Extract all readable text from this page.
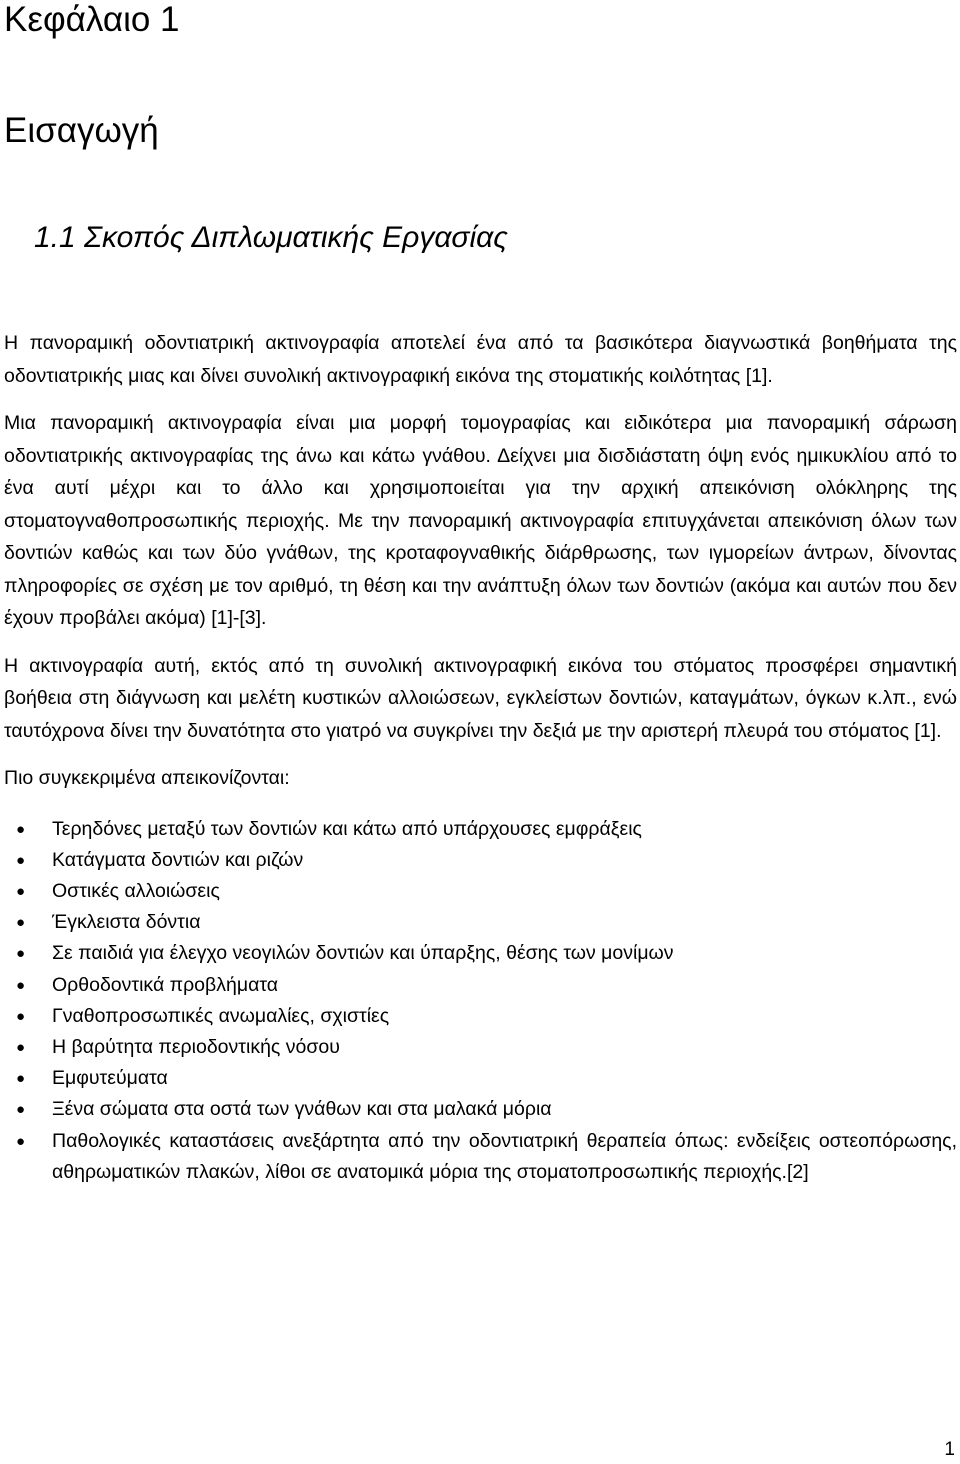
Κεφάλαιο 1
Εισαγωγή
1.1 Σκοπός Διπλωματικής Εργασίας

Η πανοραμική οδοντιατρική ακτινογραφία αποτελεί ένα από τα βασικότερα διαγνωστικά βοηθήματα της οδοντιατρικής μιας και δίνει συνολική ακτινογραφική εικόνα της στοματικής κοιλότητας [1].

Μια πανοραμική ακτινογραφία είναι μια μορφή τομογραφίας και ειδικότερα μια πανοραμική σάρωση οδοντιατρικής ακτινογραφίας της άνω και κάτω γνάθου. Δείχνει μια δισδιάστατη όψη ενός ημικυκλίου από το ένα αυτί μέχρι και το άλλο και χρησιμοποιείται για την αρχική απεικόνιση ολόκληρης της στοματογναθοπροσωπικής περιοχής. Με την πανοραμική ακτινογραφία επιτυγχάνεται απεικόνιση όλων των δοντιών καθώς και των δύο γνάθων, της κροταφογναθικής διάρθρωσης, των ιγμορείων άντρων, δίνοντας πληροφορίες σε σχέση με τον αριθμό, τη θέση και την ανάπτυξη όλων των δοντιών (ακόμα και αυτών που δεν έχουν προβάλει ακόμα) [1]-[3].

Η ακτινογραφία αυτή, εκτός από τη συνολική ακτινογραφική εικόνα του στόματος προσφέρει σημαντική βοήθεια στη διάγνωση και μελέτη κυστικών αλλοιώσεων, εγκλείστων δοντιών, καταγμάτων, όγκων κ.λπ., ενώ ταυτόχρονα δίνει την δυνατότητα στο γιατρό να συγκρίνει την δεξιά με την αριστερή πλευρά του στόματος [1].

Πιο συγκεκριμένα απεικονίζονται:

● Τερηδόνες μεταξύ των δοντιών και κάτω από υπάρχουσες εμφράξεις
● Κατάγματα δοντιών και ριζών
● Οστικές αλλοιώσεις
● Έγκλειστα δόντια
● Σε παιδιά για έλεγχο νεογιλών δοντιών και ύπαρξης, θέσης των μονίμων
● Ορθοδοντικά προβλήματα
● Γναθοπροσωπικές ανωμαλίες, σχιστίες
● Η βαρύτητα περιοδοντικής νόσου
● Εμφυτεύματα
● Ξένα σώματα στα οστά των γνάθων και στα μαλακά μόρια
● Παθολογικές καταστάσεις ανεξάρτητα από την οδοντιατρική θεραπεία όπως: ενδείξεις οστεοπόρωσης, αθηρωματικών πλακών, λίθοι σε ανατομικά μόρια της στοματοπροσωπικής περιοχής.[2]
1
